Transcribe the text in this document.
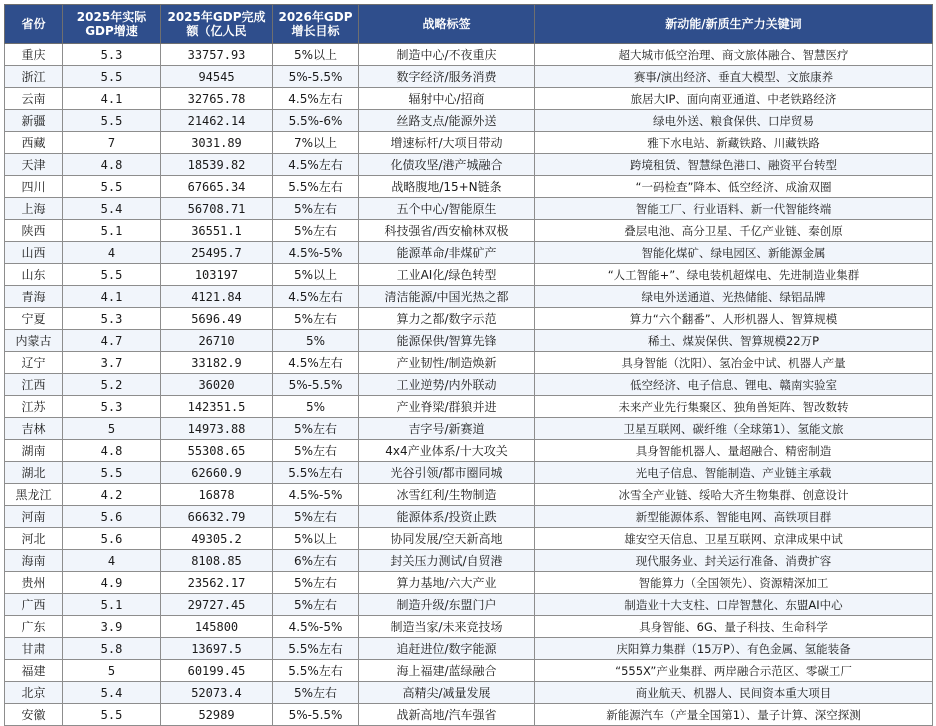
省份	2025年实际GDP增速	2025年GDP完成额（亿人民	2026年GDP增长目标	战略标签	新动能/新质生产力关键词
重庆	5.3	33757.93	5%以上	制造中心/不夜重庆	超大城市低空治理、商文旅体融合、智慧医疗
浙江	5.5	94545	5%-5.5%	数字经济/服务消费	赛事/演出经济、垂直大模型、文旅康养
云南	4.1	32765.78	4.5%左右	辐射中心/招商	旅居大IP、面向南亚通道、中老铁路经济
新疆	5.5	21462.14	5.5%-6%	丝路支点/能源外送	绿电外送、粮食保供、口岸贸易
西藏	7	3031.89	7%以上	增速标杆/大项目带动	雅下水电站、新藏铁路、川藏铁路
天津	4.8	18539.82	4.5%左右	化债攻坚/港产城融合	跨境租赁、智慧绿色港口、融资平台转型
四川	5.5	67665.34	5.5%左右	战略腹地/15+N链条	“一码检查”降本、低空经济、成渝双圈
上海	5.4	56708.71	5%左右	五个中心/智能原生	智能工厂、行业语料、新一代智能终端
陕西	5.1	36551.1	5%左右	科技强省/西安榆林双极	叠层电池、高分卫星、千亿产业链、秦创原
山西	4	25495.7	4.5%-5%	能源革命/非煤矿产	智能化煤矿、绿电园区、新能源金属
山东	5.5	103197	5%以上	工业AI化/绿色转型	“人工智能+”、绿电装机超煤电、先进制造业集群
青海	4.1	4121.84	4.5%左右	清洁能源/中国光热之都	绿电外送通道、光热储能、绿铝品牌
宁夏	5.3	5696.49	5%左右	算力之都/数字示范	算力“六个翻番”、人形机器人、智算规模
内蒙古	4.7	26710	5%	能源保供/智算先锋	稀土、煤炭保供、智算规模22万P
辽宁	3.7	33182.9	4.5%左右	产业韧性/制造焕新	具身智能（沈阳）、氢冶金中试、机器人产量
江西	5.2	36020	5%-5.5%	工业逆势/内外联动	低空经济、电子信息、锂电、赣南实验室
江苏	5.3	142351.5	5%	产业脊梁/群狼并进	未来产业先行集聚区、独角兽矩阵、智改数转
吉林	5	14973.88	5%左右	吉字号/新赛道	卫星互联网、碳纤维（全球第1）、氢能文旅
湖南	4.8	55308.65	5%左右	4x4产业体系/十大攻关	具身智能机器人、量超融合、精密制造
湖北	5.5	62660.9	5.5%左右	光谷引领/都市圈同城	光电子信息、智能制造、产业链主承载
黑龙江	4.2	16878	4.5%-5%	冰雪红利/生物制造	冰雪全产业链、绥哈大齐生物集群、创意设计
河南	5.6	66632.79	5%左右	能源体系/投资止跌	新型能源体系、智能电网、高铁项目群
河北	5.6	49305.2	5%以上	协同发展/空天新高地	雄安空天信息、卫星互联网、京津成果中试
海南	4	8108.85	6%左右	封关压力测试/自贸港	现代服务业、封关运行准备、消费扩容
贵州	4.9	23562.17	5%左右	算力基地/六大产业	智能算力（全国领先）、资源精深加工
广西	5.1	29727.45	5%左右	制造升级/东盟门户	制造业十大支柱、口岸智慧化、东盟AI中心
广东	3.9	145800	4.5%-5%	制造当家/未来竞技场	具身智能、6G、量子科技、生命科学
甘肃	5.8	13697.5	5.5%左右	追赶进位/数字能源	庆阳算力集群（15万P）、有色金属、氢能装备
福建	5	60199.45	5.5%左右	海上福建/蓝绿融合	“555X”产业集群、两岸融合示范区、零碳工厂
北京	5.4	52073.4	5%左右	高精尖/减量发展	商业航天、机器人、民间资本重大项目
安徽	5.5	52989	5%-5.5%	战新高地/汽车强省	新能源汽车（产量全国第1）、量子计算、深空探测
